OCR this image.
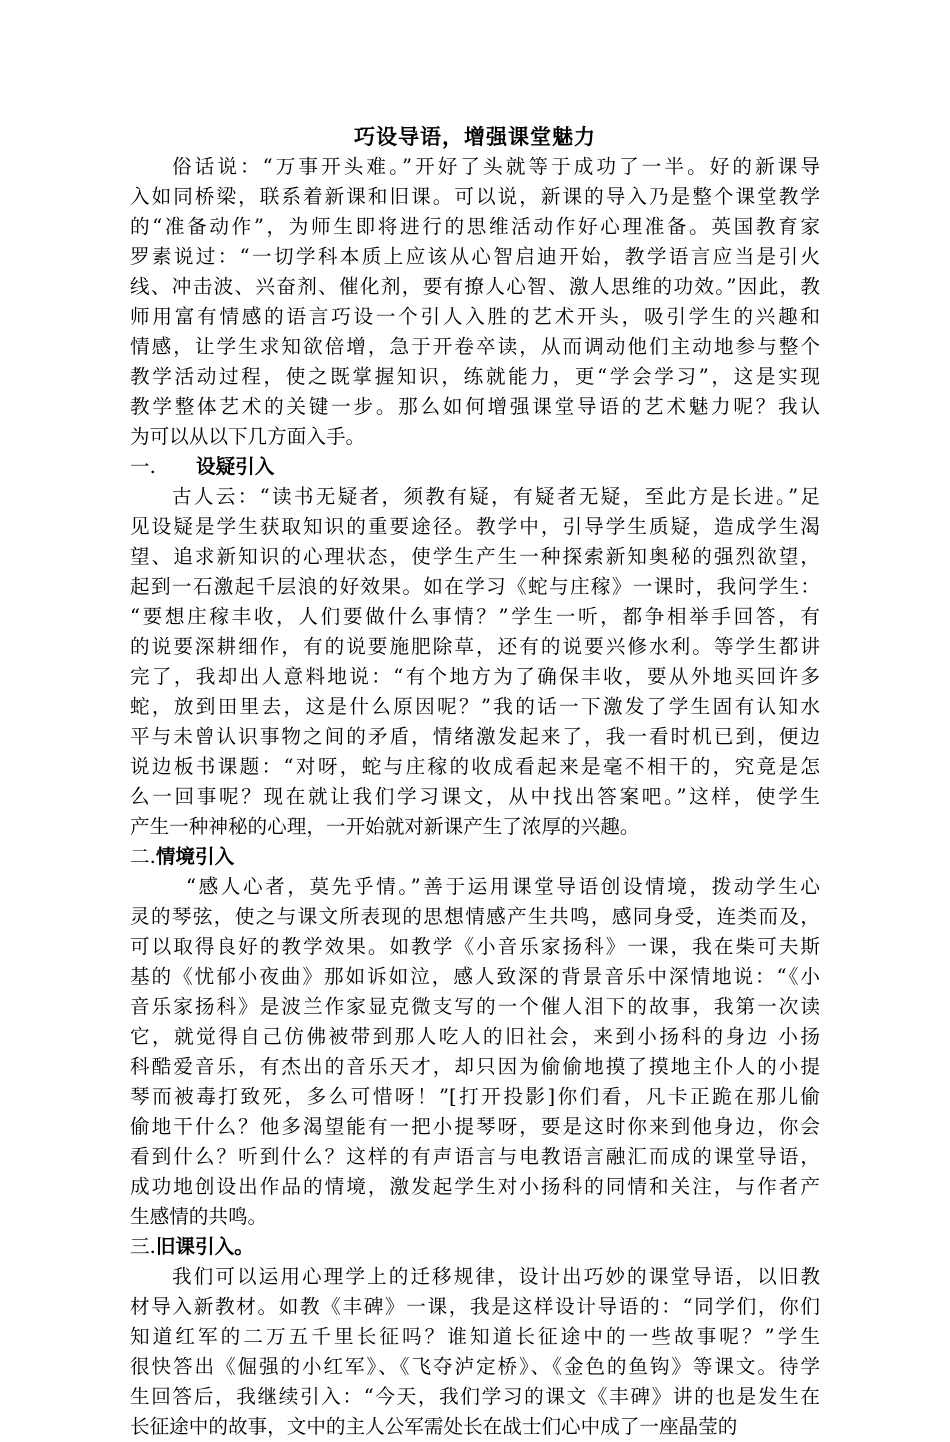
巧设导语，增强课堂魅力
俗话说：“万事开头难。”开好了头就等于成功了一半。好的新课导
入如同桥梁，联系着新课和旧课。可以说，新课的导入乃是整个课堂教学
的“准备动作”，为师生即将进行的思维活动作好心理准备。英国教育家
罗素说过：“一切学科本质上应该从心智启迪开始，教学语言应当是引火
线、冲击波、兴奋剂、催化剂，要有撩人心智、激人思维的功效。”因此，教
师用富有情感的语言巧设一个引人入胜的艺术开头，吸引学生的兴趣和
情感，让学生求知欲倍增，急于开卷卒读，从而调动他们主动地参与整个
教学活动过程，使之既掌握知识，练就能力，更“学会学习”，这是实现
教学整体艺术的关键一步。那么如何增强课堂导语的艺术魅力呢？我认
为可以从以下几方面入手。
一. 设疑引入
古人云：“读书无疑者，须教有疑，有疑者无疑，至此方是长进。”足
见设疑是学生获取知识的重要途径。教学中，引导学生质疑，造成学生渴
望、追求新知识的心理状态，使学生产生一种探索新知奥秘的强烈欲望，
起到一石激起千层浪的好效果。如在学习《蛇与庄稼》一课时，我问学生：
“要想庄稼丰收，人们要做什么事情？”学生一听，都争相举手回答，有
的说要深耕细作，有的说要施肥除草，还有的说要兴修水利。等学生都讲
完了，我却出人意料地说：“有个地方为了确保丰收，要从外地买回许多
蛇，放到田里去，这是什么原因呢？”我的话一下激发了学生固有认知水
平与未曾认识事物之间的矛盾，情绪激发起来了，我一看时机已到，便边
说边板书课题：“对呀，蛇与庄稼的收成看起来是毫不相干的，究竟是怎
么一回事呢？现在就让我们学习课文，从中找出答案吧。”这样，使学生
产生一种神秘的心理，一开始就对新课产生了浓厚的兴趣。
二.情境引入
“感人心者，莫先乎情。”善于运用课堂导语创设情境，拨动学生心
灵的琴弦，使之与课文所表现的思想情感产生共鸣，感同身受，连类而及，
可以取得良好的教学效果。如教学《小音乐家扬科》一课，我在柴可夫斯
基的《忧郁小夜曲》那如诉如泣，感人致深的背景音乐中深情地说：“《小
音乐家扬科》是波兰作家显克微支写的一个催人泪下的故事，我第一次读
它，就觉得自己仿佛被带到那人吃人的旧社会，来到小扬科的身边 小扬
科酷爱音乐，有杰出的音乐天才，却只因为偷偷地摸了摸地主仆人的小提
琴而被毒打致死，多么可惜呀！”[打开投影]你们看，凡卡正跪在那儿偷
偷地干什么？他多渴望能有一把小提琴呀，要是这时你来到他身边，你会
看到什么？听到什么？这样的有声语言与电教语言融汇而成的课堂导语，
成功地创设出作品的情境，激发起学生对小扬科的同情和关注，与作者产
生感情的共鸣。
三.旧课引入。
我们可以运用心理学上的迁移规律，设计出巧妙的课堂导语，以旧教
材导入新教材。如教《丰碑》一课，我是这样设计导语的：“同学们，你们
知道红军的二万五千里长征吗？谁知道长征途中的一些故事呢？”学生
很快答出《倔强的小红军》、《飞夺泸定桥》、《金色的鱼钩》等课文。待学
生回答后，我继续引入：“今天，我们学习的课文《丰碑》讲的也是发生在
长征途中的故事，文中的主人公军需处长在战士们心中成了一座晶莹的
